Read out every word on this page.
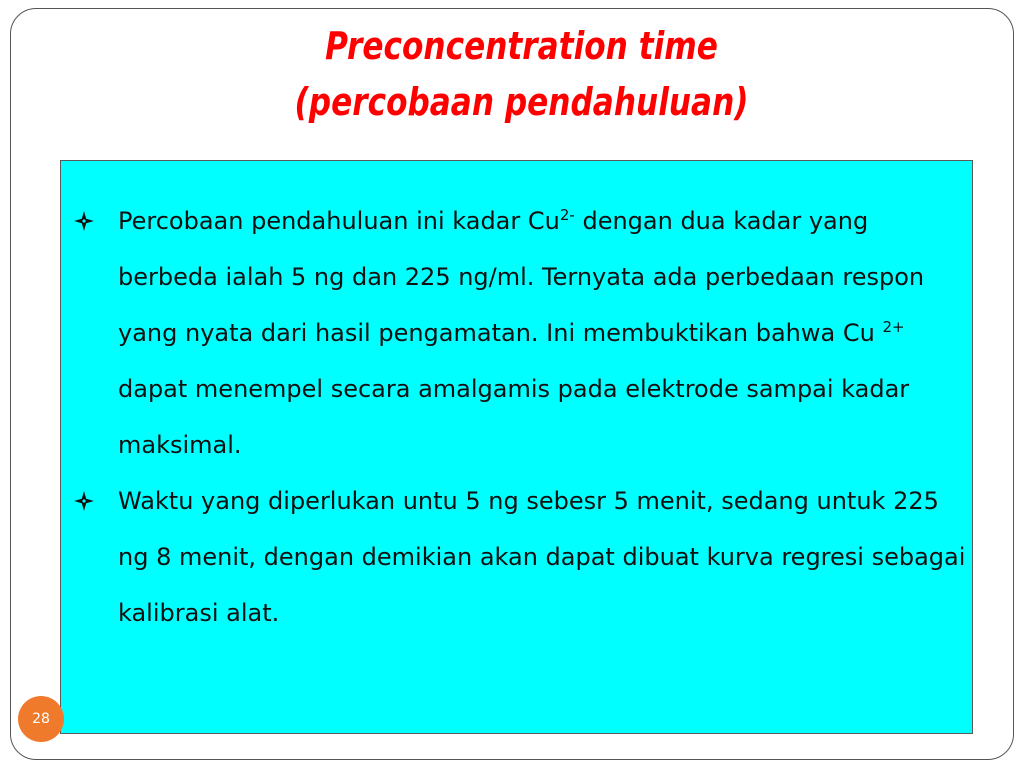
Preconcentration time
(percobaan pendahuluan)
Percobaan pendahuluan ini kadar $Cu^{2-}$ dengan dua kadar yang berbeda ialah 5 ng dan 225 ng/ml. Ternyata ada perbedaan respon yang nyata dari hasil pengamatan. Ini membuktikan bahwa Cu $^{2+}$ dapat menempel secara amalgamis pada elektrode sampai kadar maksimal.
Waktu yang diperlukan untu 5 ng sebesr 5 menit, sedang untuk 225 ng 8 menit, dengan demikian akan dapat dibuat kurva regresi sebagai kalibrasi alat.
28
